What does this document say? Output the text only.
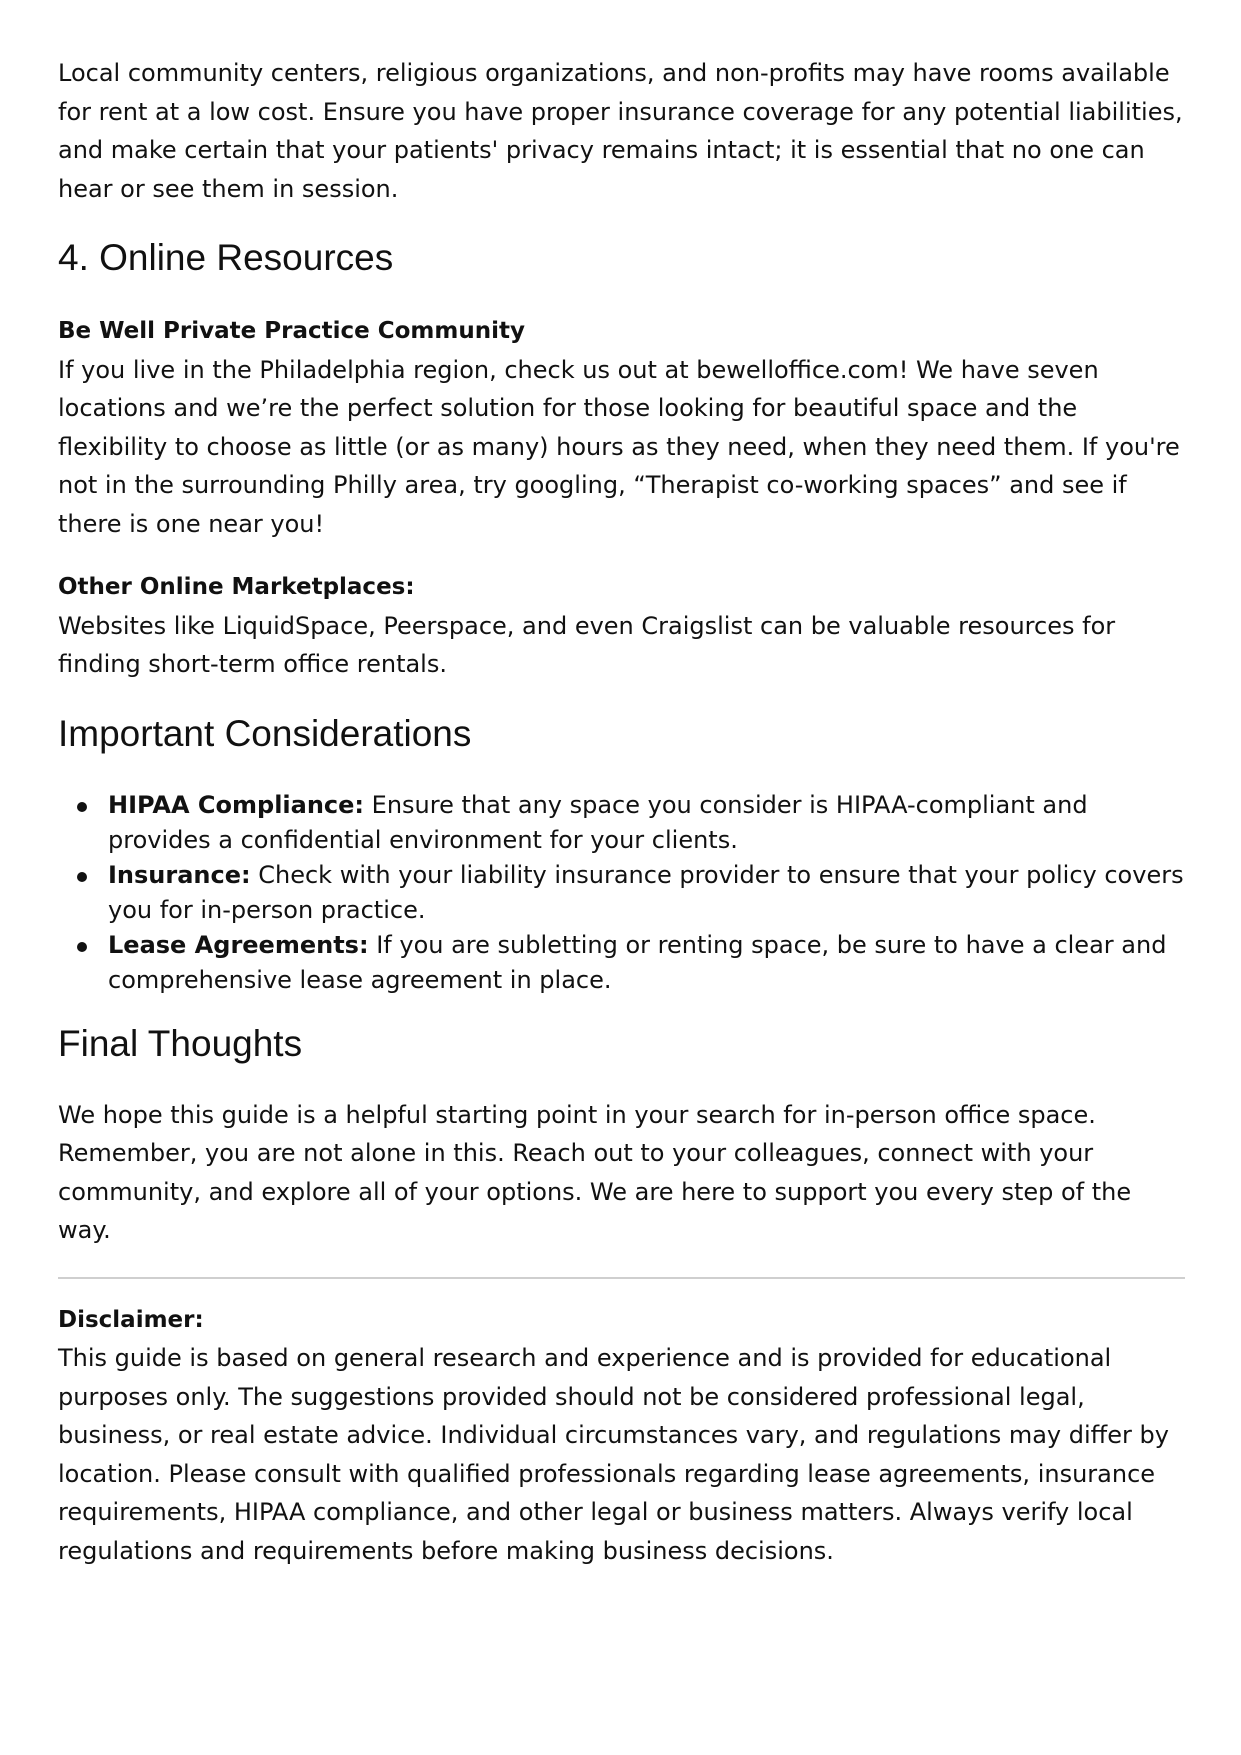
Local community centers, religious organizations, and non-profits may have rooms available for rent at a low cost. Ensure you have proper insurance coverage for any potential liabilities, and make certain that your patients' privacy remains intact; it is essential that no one can hear or see them in session.

4. Online Resources
Be Well Private Practice Community

If you live in the Philadelphia region, check us out at bewelloffice.com! We have seven locations and we’re the perfect solution for those looking for beautiful space and the flexibility to choose as little (or as many) hours as they need, when they need them. If you're not in the surrounding Philly area, try googling, “Therapist co-working spaces” and see if there is one near you!

Other Online Marketplaces:

Websites like LiquidSpace, Peerspace, and even Craigslist can be valuable resources for finding short-term office rentals.

Important Considerations
HIPAA Compliance: Ensure that any space you consider is HIPAA-compliant and provides a confidential environment for your clients.
Insurance: Check with your liability insurance provider to ensure that your policy covers you for in-person practice.
Lease Agreements: If you are subletting or renting space, be sure to have a clear and comprehensive lease agreement in place.
Final Thoughts

We hope this guide is a helpful starting point in your search for in-person office space. Remember, you are not alone in this. Reach out to your colleagues, connect with your community, and explore all of your options. We are here to support you every step of the way.

Disclaimer:

This guide is based on general research and experience and is provided for educational purposes only. The suggestions provided should not be considered professional legal, business, or real estate advice. Individual circumstances vary, and regulations may differ by location. Please consult with qualified professionals regarding lease agreements, insurance requirements, HIPAA compliance, and other legal or business matters. Always verify local regulations and requirements before making business decisions.
